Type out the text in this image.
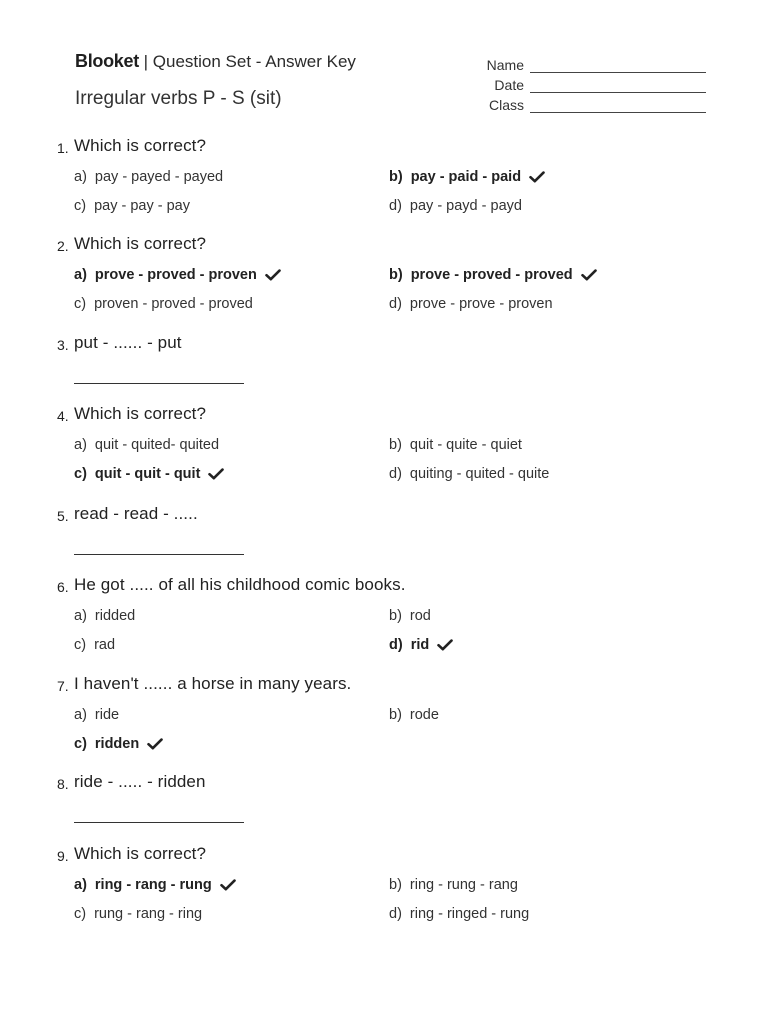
Blooket | Question Set - Answer Key
Irregular verbs P - S (sit)
Name
Date
Class
1. Which is correct?
a) pay - payed - payed	b) pay - paid - paid
c) pay - pay - pay	d) pay - payd - payd
2. Which is correct?
a) prove - proved - proven	b) prove - proved - proved
c) proven - proved - proved	d) prove - prove - proven
3. put - ...... - put
4. Which is correct?
a) quit - quited- quited	b) quit - quite - quiet
c) quit - quit - quit	d) quiting - quited - quite
5. read - read - .....
6. He got ..... of all his childhood comic books.
a) ridded	b) rod
c) rad	d) rid
7. I haven't ...... a horse in many years.
a) ride	b) rode
c) ridden
8. ride - ..... - ridden
9. Which is correct?
a) ring - rang - rung	b) ring - rung - rang
c) rung - rang - ring	d) ring - ringed - rung
